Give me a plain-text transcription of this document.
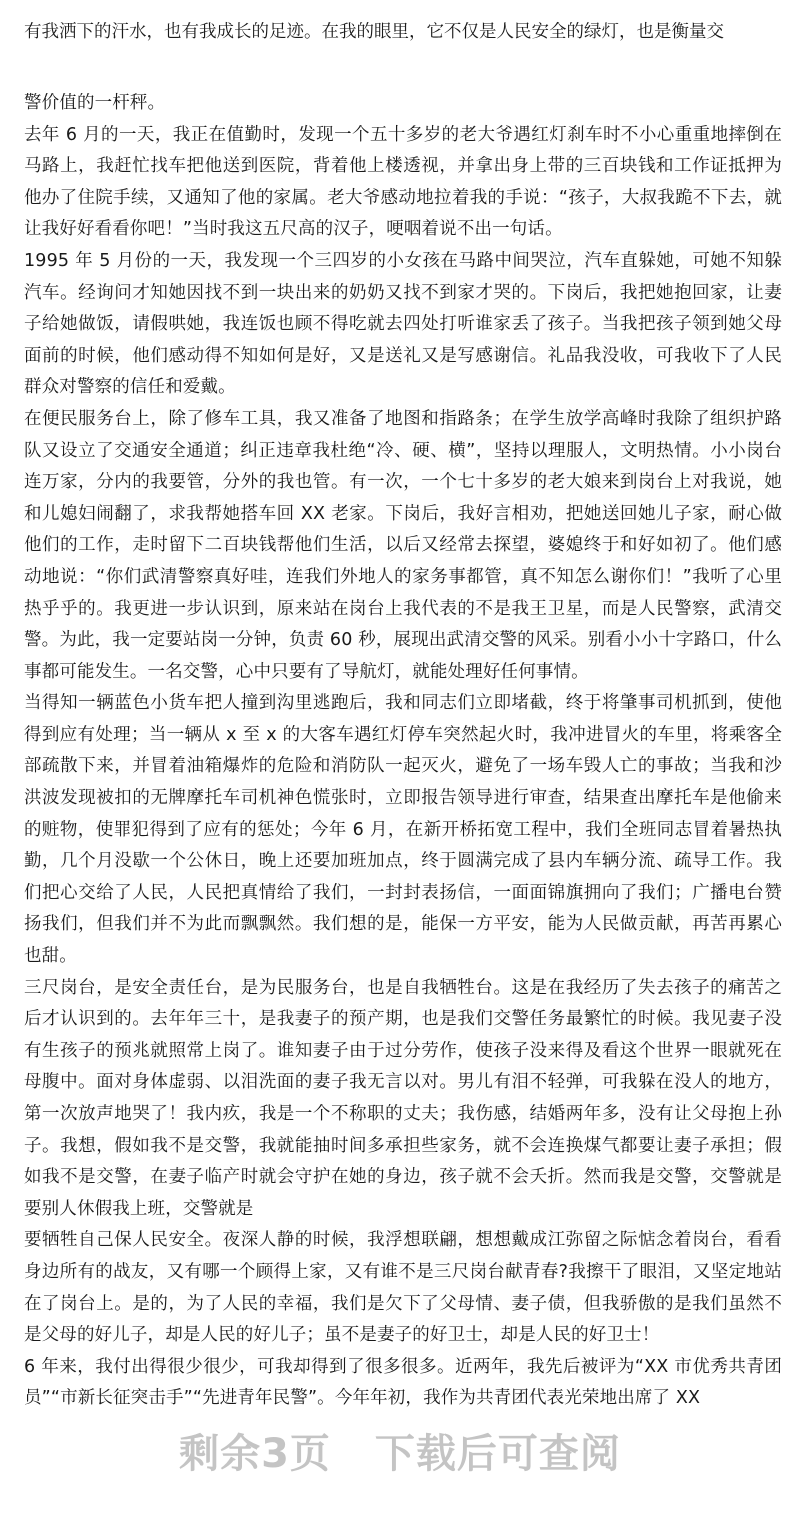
有我洒下的汗水，也有我成长的足迹。在我的眼里，它不仅是人民安全的绿灯，也是衡量交

警价值的一杆秤。

去年 6 月的一天，我正在值勤时，发现一个五十多岁的老大爷遇红灯刹车时不小心重重地摔倒在马路上，我赶忙找车把他送到医院，背着他上楼透视，并拿出身上带的三百块钱和工作证抵押为他办了住院手续，又通知了他的家属。老大爷感动地拉着我的手说：“孩子，大叔我跪不下去，就让我好好看看你吧！”当时我这五尺高的汉子，哽咽着说不出一句话。

1995 年 5 月份的一天，我发现一个三四岁的小女孩在马路中间哭泣，汽车直躲她，可她不知躲汽车。经询问才知她因找不到一块出来的奶奶又找不到家才哭的。下岗后，我把她抱回家，让妻子给她做饭，请假哄她，我连饭也顾不得吃就去四处打听谁家丢了孩子。当我把孩子领到她父母面前的时候，他们感动得不知如何是好，又是送礼又是写感谢信。礼品我没收，可我收下了人民群众对警察的信任和爱戴。

在便民服务台上，除了修车工具，我又准备了地图和指路条；在学生放学高峰时我除了组织护路队又设立了交通安全通道；纠正违章我杜绝“冷、硬、横”，坚持以理服人，文明热情。小小岗台连万家，分内的我要管，分外的我也管。有一次，一个七十多岁的老大娘来到岗台上对我说，她和儿媳妇闹翻了，求我帮她搭车回 XX 老家。下岗后，我好言相劝，把她送回她儿子家，耐心做他们的工作，走时留下二百块钱帮他们生活，以后又经常去探望，婆媳终于和好如初了。他们感动地说：“你们武清警察真好哇，连我们外地人的家务事都管，真不知怎么谢你们！”我听了心里热乎乎的。我更进一步认识到，原来站在岗台上我代表的不是我王卫星，而是人民警察，武清交警。为此，我一定要站岗一分钟，负责 60 秒，展现出武清交警的风采。别看小小十字路口，什么事都可能发生。一名交警，心中只要有了导航灯，就能处理好任何事情。

当得知一辆蓝色小货车把人撞到沟里逃跑后，我和同志们立即堵截，终于将肇事司机抓到，使他得到应有处理；当一辆从 x 至 x 的大客车遇红灯停车突然起火时，我冲进冒火的车里，将乘客全部疏散下来，并冒着油箱爆炸的危险和消防队一起灭火，避免了一场车毁人亡的事故；当我和沙洪波发现被扣的无牌摩托车司机神色慌张时，立即报告领导进行审查，结果查出摩托车是他偷来的赃物，使罪犯得到了应有的惩处；今年 6 月，在新开桥拓宽工程中，我们全班同志冒着暑热执勤，几个月没歇一个公休日，晚上还要加班加点，终于圆满完成了县内车辆分流、疏导工作。我们把心交给了人民，人民把真情给了我们，一封封表扬信，一面面锦旗拥向了我们；广播电台赞扬我们，但我们并不为此而飘飘然。我们想的是，能保一方平安，能为人民做贡献，再苦再累心也甜。

三尺岗台，是安全责任台，是为民服务台，也是自我牺牲台。这是在我经历了失去孩子的痛苦之后才认识到的。去年年三十，是我妻子的预产期，也是我们交警任务最繁忙的时候。我见妻子没有生孩子的预兆就照常上岗了。谁知妻子由于过分劳作，使孩子没来得及看这个世界一眼就死在母腹中。面对身体虚弱、以泪洗面的妻子我无言以对。男儿有泪不轻弹，可我躲在没人的地方，第一次放声地哭了！我内疚，我是一个不称职的丈夫；我伤感，结婚两年多，没有让父母抱上孙子。我想，假如我不是交警，我就能抽时间多承担些家务，就不会连换煤气都要让妻子承担；假如我不是交警，在妻子临产时就会守护在她的身边，孩子就不会夭折。然而我是交警，交警就是要别人休假我上班，交警就是

要牺牲自己保人民安全。夜深人静的时候，我浮想联翩，想想戴成江弥留之际惦念着岗台，看看身边所有的战友，又有哪一个顾得上家，又有谁不是三尺岗台献青春?我擦干了眼泪，又坚定地站在了岗台上。是的，为了人民的幸福，我们是欠下了父母情、妻子债，但我骄傲的是我们虽然不是父母的好儿子，却是人民的好儿子；虽不是妻子的好卫士，却是人民的好卫士！

6 年来，我付出得很少很少，可我却得到了很多很多。近两年，我先后被评为“XX 市优秀共青团员”“市新长征突击手”“先进青年民警”。今年年初，我作为共青团代表光荣地出席了 XX

剩余3页 下载后可查阅
